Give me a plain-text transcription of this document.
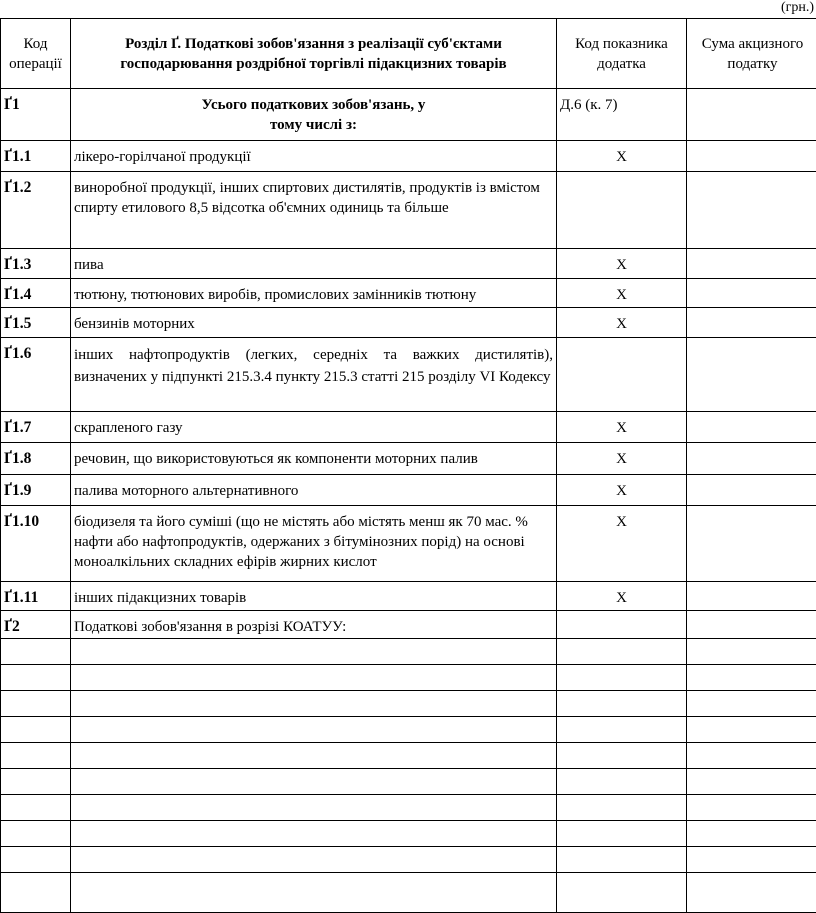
(грн.)
Код операції	Розділ Ґ. Податкові зобов'язання з реалізації суб'єктами господарювання роздрібної торгівлі підакцизних товарів	Код показника додатка	Сума акцизного податку
Ґ1	Усього податкових зобов'язань, у тому числі з:	Д.6 (к. 7)	
Ґ1.1	лікеро-горілчаної продукції	Х	
Ґ1.2	виноробної продукції, інших спиртових дистилятів, продуктів із вмістом спирту етилового 8,5 відсотка об'ємних одиниць та більше		
Ґ1.3	пива	Х	
Ґ1.4	тютюну, тютюнових виробів, промислових замінників тютюну	Х	
Ґ1.5	бензинів моторних	Х	
Ґ1.6	інших нафтопродуктів (легких, середніх та важких дистилятів), визначених у підпункті 215.3.4 пункту 215.3 статті 215 розділу VI Кодексу		
Ґ1.7	скрапленого газу	Х	
Ґ1.8	речовин, що використовуються як компоненти моторних палив	Х	
Ґ1.9	палива моторного альтернативного	Х	
Ґ1.10	біодизеля та його суміші (що не містять або містять менш як 70 мас. % нафти або нафтопродуктів, одержаних з бітумінозних порід) на основі моноалкільних складних ефірів жирних кислот	Х	
Ґ1.11	інших підакцизних товарів	Х	
Ґ2	Податкові зобов'язання в розрізі КОАТУУ:		
